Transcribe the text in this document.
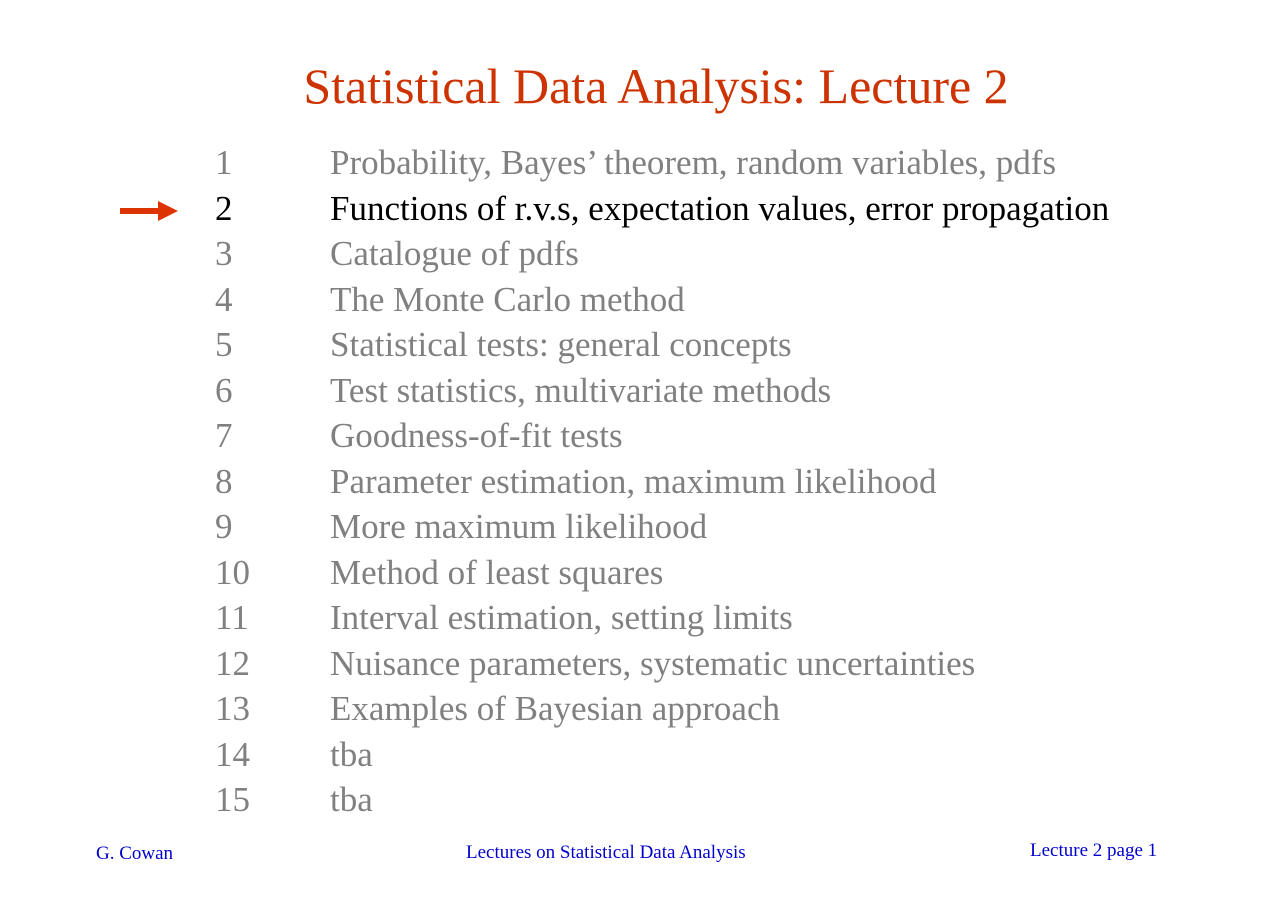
Statistical Data Analysis: Lecture 2
1	Probability, Bayes’ theorem, random variables, pdfs
2	Functions of r.v.s, expectation values, error propagation
3	Catalogue of pdfs
4	The Monte Carlo method
5	Statistical tests: general concepts
6	Test statistics, multivariate methods
7	Goodness-of-fit tests
8	Parameter estimation, maximum likelihood
9	More maximum likelihood
10 Method of least squares
11 Interval estimation, setting limits
12 Nuisance parameters, systematic uncertainties
13 Examples of Bayesian approach
14 tba
15 tba
G. Cowan	Lectures on Statistical Data Analysis	Lecture 2 page 1
